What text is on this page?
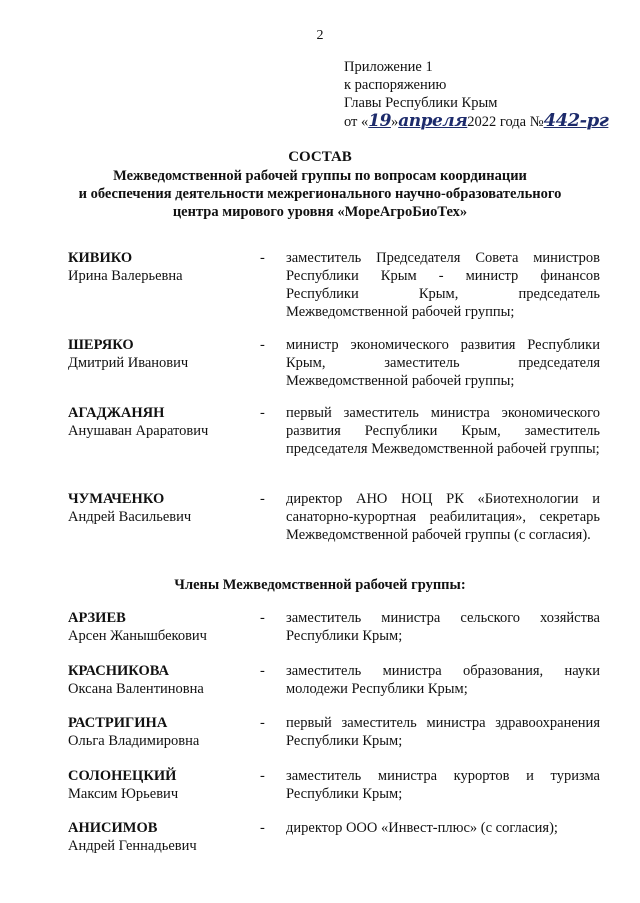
2
Приложение 1
к распоряжению
Главы Республики Крым
от «19»апреля2022 года №442-рг
СОСТАВ
Межведомственной рабочей группы по вопросам координации
и обеспечения деятельности межрегионального научно-образовательного
центра мирового уровня «МореАгроБиоТех»
КИВИКО
Ирина Валерьевна
-	заместитель Председателя Совета министров Республики Крым - министр финансов Республики Крым, председатель Межведомственной рабочей группы;
ШЕРЯКО
Дмитрий Иванович
-	министр экономического развития Республики Крым, заместитель председателя Межведомственной рабочей группы;
АГАДЖАНЯН
Анушаван Араратович
-	первый заместитель министра экономического развития Республики Крым, заместитель председателя Межведомственной рабочей группы;
ЧУМАЧЕНКО
Андрей Васильевич
-	директор АНО НОЦ РК «Биотехнологии и санаторно-курортная реабилитация», секретарь Межведомственной рабочей группы (с согласия).
Члены Межведомственной рабочей группы:
АРЗИЕВ
Арсен Жанышбекович
-	заместитель министра сельского хозяйства Республики Крым;
КРАСНИКОВА
Оксана Валентиновна
-	заместитель министра образования, науки молодежи Республики Крым;
РАСТРИГИНА
Ольга Владимировна
-	первый заместитель министра здравоохранения Республики Крым;
СОЛОНЕЦКИЙ
Максим Юрьевич
-	заместитель министра курортов и туризма Республики Крым;
АНИСИМОВ
Андрей Геннадьевич
-	директор ООО «Инвест-плюс» (с согласия);
